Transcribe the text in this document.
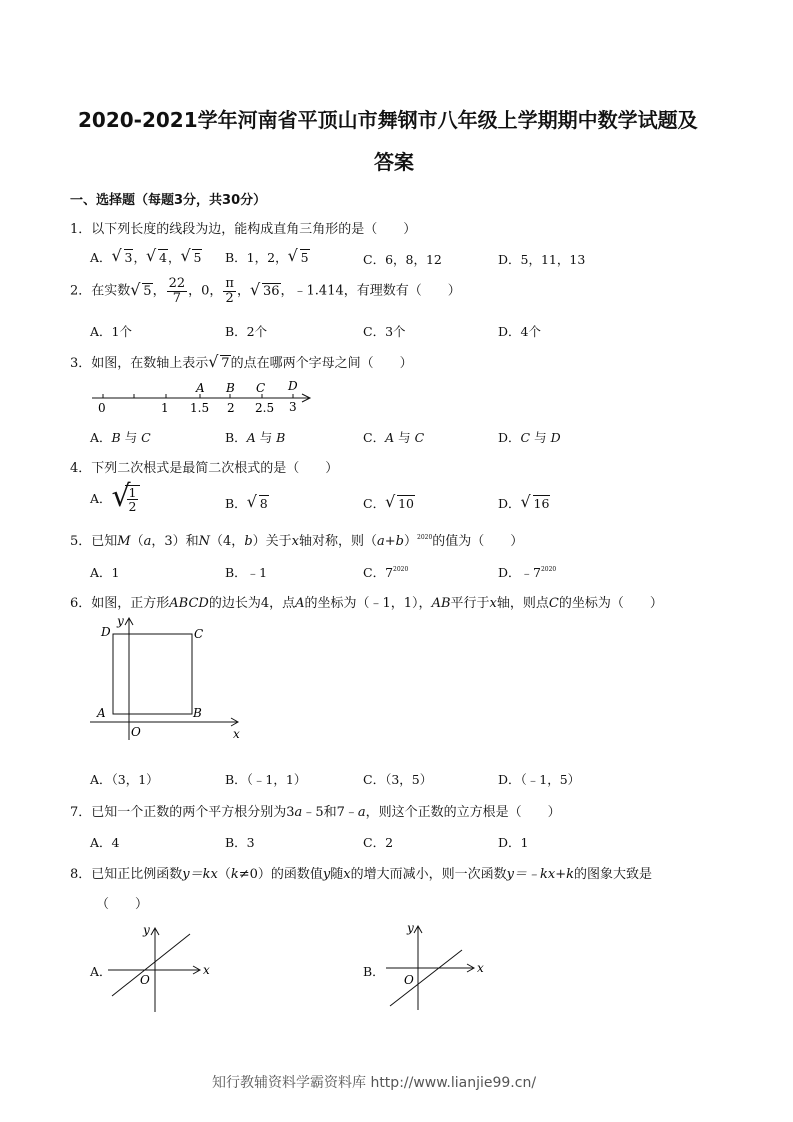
2020-2021学年河南省平顶山市舞钢市八年级上学期期中数学试题及
答案
一、选择题（每题3分，共30分）
1．以下列长度的线段为边，能构成直角三角形的是（　　）
A． √ 3， √ 4， √ 5 B．1，2， √ 5	C．6，8，12	D．5，11，13
2．在实数 √ 5， $\frac{22}{7}$ ，0， $\frac{\pi}{2}$ ， √ 36，﹣1.414，有理数有（　　）
A．1个	B．2个	C．3个	D．4个
3．如图，在数轴上表示 √ 7的点在哪两个字母之间（　　）
0	1 1.5 2 2.5 3
A B C D
A．B 与 C	B．A 与 B	C．A 与 C	D．C 与 D
4．下列二次根式是最简二次根式的是（　　）
A． √
$\frac{1}{2}$	B． √ 8	C． √ 10	D． √ 16
5．已知M（a，3）和N（4，b）关于x轴对称，则$(a+b)^{2020}$的值为（　　）
A．1	B．﹣1	C．$7^{2020}$	D．$﹣7^{2020}$
6．如图，正方形ABCD的边长为4，点A的坐标为（﹣1，1），AB平行于x轴，则点C的坐标为（　　）
D	C
A	B
O	x
y
A．（3，1）	B．（﹣1，1）	C．（3，5）	D．（﹣1，5）
7．已知一个正数的两个平方根分别为3a﹣5和7﹣a，则这个正数的立方根是（　　）
A．4	B．3	C．2	D．1
8．已知正比例函数y＝kx（k≠0）的函数值y随x的增大而减小，则一次函数y＝﹣kx+k的图象大致是
（　　）
A．	x
y
O
B．	x
y
O
知行教辅资料学霸资料库 http://www.lianjie99.cn/
